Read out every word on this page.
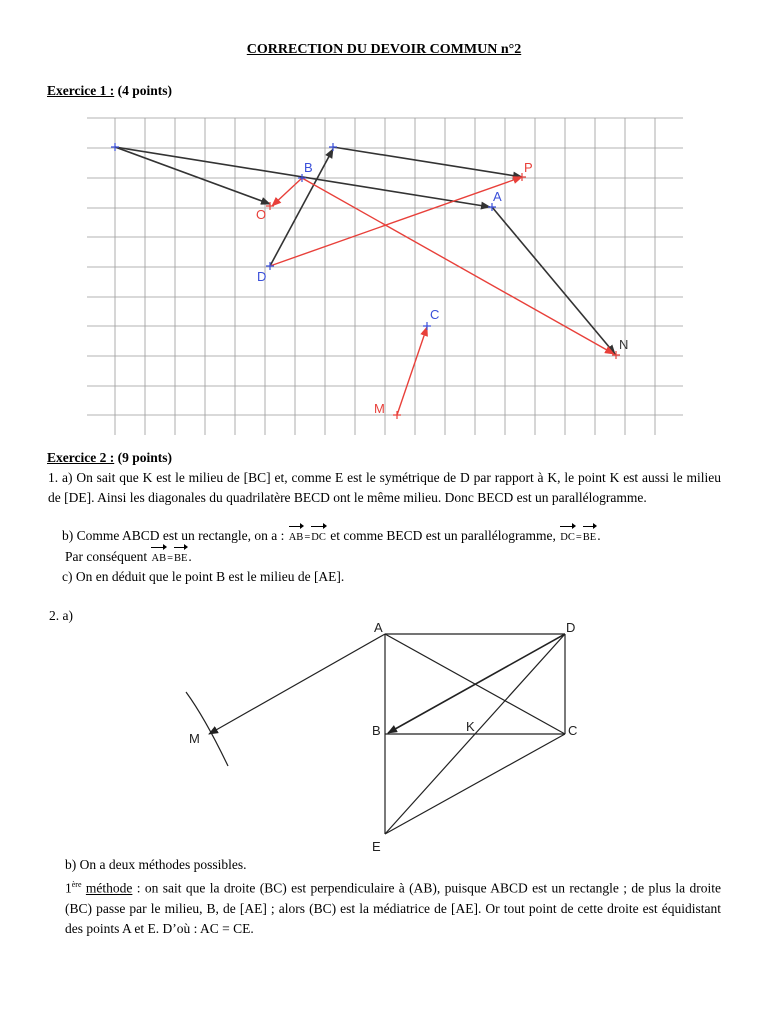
CORRECTION DU DEVOIR COMMUN n°2
Exercice 1 : (4 points)
B
O
P
A
D
C
N
M
Exercice 2 : (9 points)
1. a) On sait que K est le milieu de [BC] et, comme E est le symétrique de D par rapport à K, le point K est aussi le milieu de [DE]. Ainsi les diagonales du quadrilatère BECD ont le même milieu. Donc BECD est un parallélogramme.
b) Comme ABCD est un rectangle, on a : AB=DC et comme BECD est un parallélogramme, DC=BE.
Par conséquent AB=BE.
c) On en déduit que le point B est le milieu de [AE].
2. a)
A	D
B	K	C
M
E
b) On a deux méthodes possibles.
1ère méthode : on sait que la droite (BC) est perpendiculaire à (AB), puisque ABCD est un rectangle ; de plus la droite (BC) passe par le milieu, B, de [AE] ; alors (BC) est la médiatrice de [AE]. Or tout point de cette droite est équidistant des points A et E. D’où : AC = CE.
